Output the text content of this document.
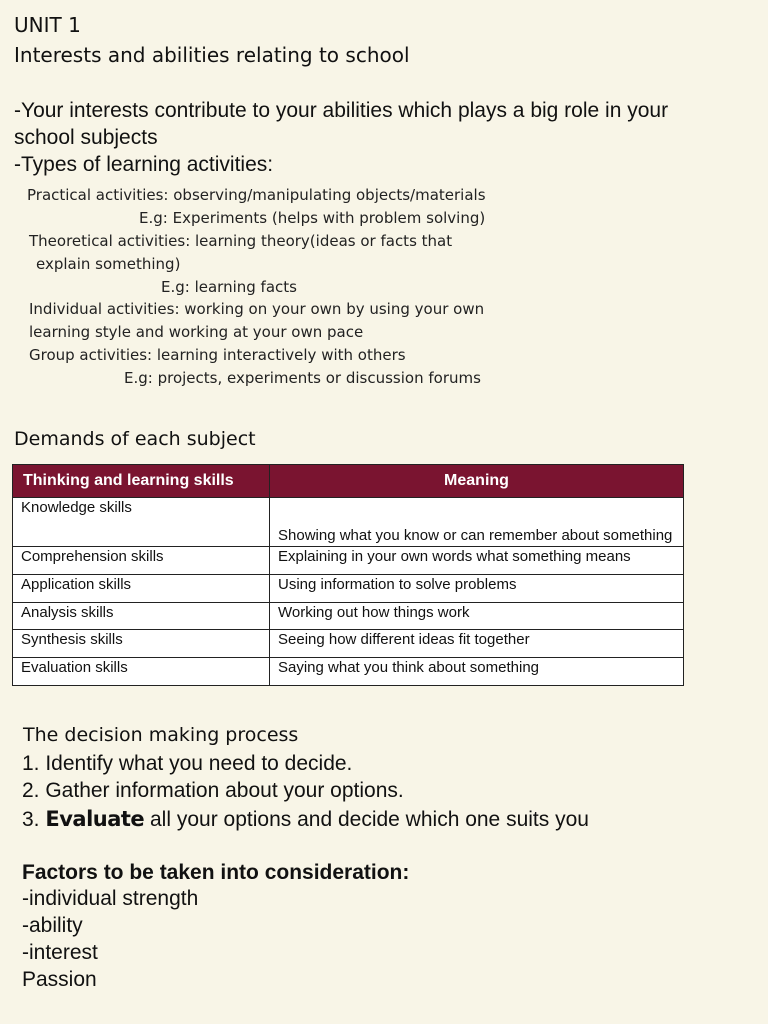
UNIT 1
Interests and abilities relating to school
-Your interests contribute to your abilities which plays a big role in your
school subjects
-Types of learning activities:
Practical activities: observing/manipulating objects/materials
E.g: Experiments (helps with problem solving)
Theoretical activities: learning theory(ideas or facts that
explain something)
E.g: learning facts
Individual activities: working on your own by using your own
learning style and working at your own pace
Group activities: learning interactively with others
E.g: projects, experiments or discussion forums
Demands of each subject
Thinking and learning skills	Meaning
Knowledge skills	Showing what you know or can remember about something
Comprehension skills	Explaining in your own words what something means
Application skills	Using information to solve problems
Analysis skills	Working out how things work
Synthesis skills	Seeing how different ideas fit together
Evaluation skills	Saying what you think about something
The decision making process
1. Identify what you need to decide.
2. Gather information about your options.
3. Evaluate all your options and decide which one suits you
Factors to be taken into consideration:
-individual strength
-ability
-interest
Passion
